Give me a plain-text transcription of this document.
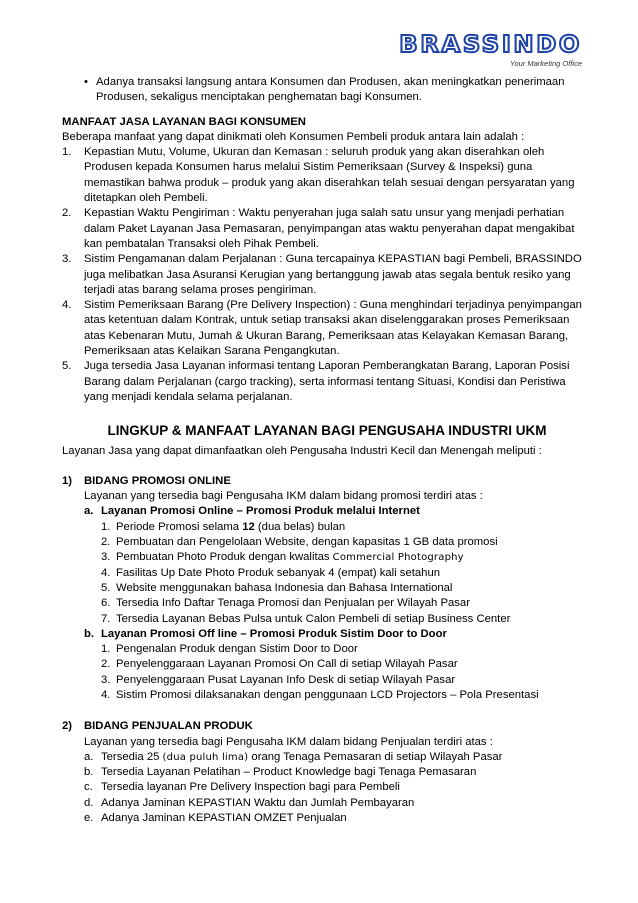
BRASSINDO
Your Marketing Office
• Adanya transaksi langsung antara Konsumen dan Produsen, akan meningkatkan penerimaan Produsen, sekaligus menciptakan penghematan bagi Konsumen.

MANFAAT JASA LAYANAN BAGI KONSUMEN

Beberapa manfaat yang dapat dinikmati oleh Konsumen Pembeli produk antara lain adalah :

1.	Kepastian Mutu, Volume, Ukuran dan Kemasan : seluruh produk yang akan diserahkan oleh Produsen kepada Konsumen harus melalui Sistim Pemeriksaan (Survey & Inspeksi) guna memastikan bahwa produk – produk yang akan diserahkan telah sesuai dengan persyaratan yang ditetapkan oleh Pembeli.
2.	Kepastian Waktu Pengiriman : Waktu penyerahan juga salah satu unsur yang menjadi perhatian dalam Paket Layanan Jasa Pemasaran, penyimpangan atas waktu penyerahan dapat mengakibat kan pembatalan Transaksi oleh Pihak Pembeli.
3.	Sistim Pengamanan dalam Perjalanan : Guna tercapainya KEPASTIAN bagi Pembeli, BRASSINDO juga melibatkan Jasa Asuransi Kerugian yang bertanggung jawab atas segala bentuk resiko yang terjadi atas barang selama proses pengiriman.
4.	Sistim Pemeriksaan Barang (Pre Delivery Inspection) : Guna menghindari terjadinya penyimpangan atas ketentuan dalam Kontrak, untuk setiap transaksi akan diselenggarakan proses Pemeriksaan atas Kebenaran Mutu, Jumah & Ukuran Barang, Pemeriksaan atas Kelayakan Kemasan Barang, Pemeriksaan atas Kelaikan Sarana Pengangkutan.
5.	Juga tersedia Jasa Layanan informasi tentang Laporan Pemberangkatan Barang, Laporan Posisi Barang dalam Perjalanan (cargo tracking), serta informasi tentang Situasi, Kondisi dan Peristiwa yang menjadi kendala selama perjalanan.

LINGKUP & MANFAAT LAYANAN BAGI PENGUSAHA INDUSTRI UKM

Layanan Jasa yang dapat dimanfaatkan oleh Pengusaha Industri Kecil dan Menengah meliputi :

1)	BIDANG PROMOSI ONLINE

Layanan yang tersedia bagi Pengusaha IKM dalam bidang promosi terdiri atas :

a. Layanan Promosi Online – Promosi Produk melalui Internet
1. Periode Promosi selama 12 (dua belas) bulan
2. Pembuatan dan Pengelolaan Website, dengan kapasitas 1 GB data promosi
3. Pembuatan Photo Produk dengan kwalitas Commercial Photography
4. Fasilitas Up Date Photo Produk sebanyak 4 (empat) kali setahun
5. Website menggunakan bahasa Indonesia dan Bahasa International
6. Tersedia Info Daftar Tenaga Promosi dan Penjualan per Wilayah Pasar
7. Tersedia Layanan Bebas Pulsa untuk Calon Pembeli di setiap Business Center
b. Layanan Promosi Off line – Promosi Produk Sistim Door to Door
1. Pengenalan Produk dengan Sistim Door to Door
2. Penyelenggaraan Layanan Promosi On Call di setiap Wilayah Pasar
3. Penyelenggaraan Pusat Layanan Info Desk di setiap Wilayah Pasar
4. Sistim Promosi dilaksanakan dengan penggunaan LCD Projectors – Pola Presentasi
2)	BIDANG PENJUALAN PRODUK

Layanan yang tersedia bagi Pengusaha IKM dalam bidang Penjualan terdiri atas :

a. Tersedia 25 (dua puluh lima) orang Tenaga Pemasaran di setiap Wilayah Pasar
b. Tersedia Layanan Pelatihan – Product Knowledge bagi Tenaga Pemasaran
c. Tersedia layanan Pre Delivery Inspection bagi para Pembeli
d. Adanya Jaminan KEPASTIAN Waktu dan Jumlah Pembayaran
e. Adanya Jaminan KEPASTIAN OMZET Penjualan
